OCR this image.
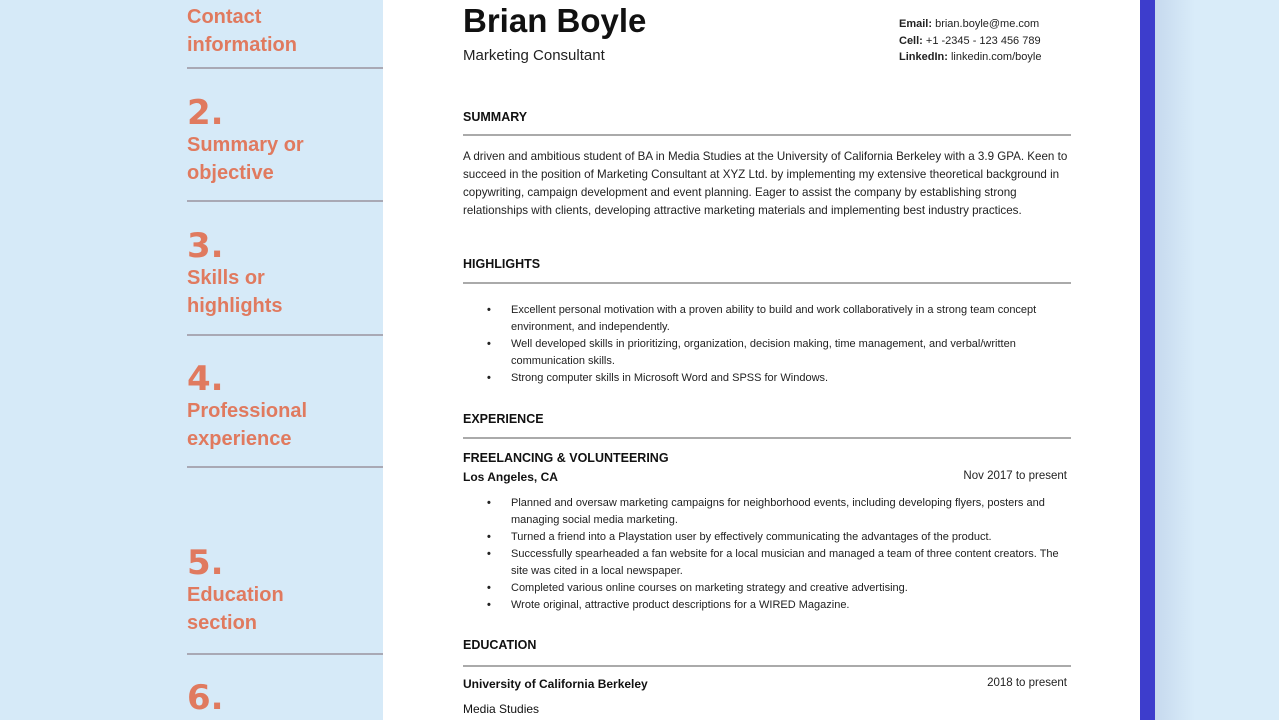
Contact information
2.
Summary or objective
3.
Skills or highlights
4.
Professional experience
5.
Education section
6.
Brian Boyle
Marketing Consultant
Email: brian.boyle@me.com
Cell: +1 -2345 - 123 456 789
LinkedIn: linkedin.com/boyle
SUMMARY
A driven and ambitious student of BA in Media Studies at the University of California Berkeley with a 3.9 GPA. Keen to succeed in the position of Marketing Consultant at XYZ Ltd. by implementing my extensive theoretical background in copywriting, campaign development and event planning. Eager to assist the company by establishing strong relationships with clients, developing attractive marketing materials and implementing best industry practices.
HIGHLIGHTS
• Excellent personal motivation with a proven ability to build and work collaboratively in a strong team concept environment, and independently.
• Well developed skills in prioritizing, organization, decision making, time management, and verbal/written communication skills.
• Strong computer skills in Microsoft Word and SPSS for Windows.
EXPERIENCE
FREELANCING & VOLUNTEERING
Los Angeles, CA	Nov 2017 to present
• Planned and oversaw marketing campaigns for neighborhood events, including developing flyers, posters and managing social media marketing.
• Turned a friend into a Playstation user by effectively communicating the advantages of the product.
• Successfully spearheaded a fan website for a local musician and managed a team of three content creators. The site was cited in a local newspaper.
• Completed various online courses on marketing strategy and creative advertising.
• Wrote original, attractive product descriptions for a WIRED Magazine.
EDUCATION
University of California Berkeley	2018 to present
Media Studies
